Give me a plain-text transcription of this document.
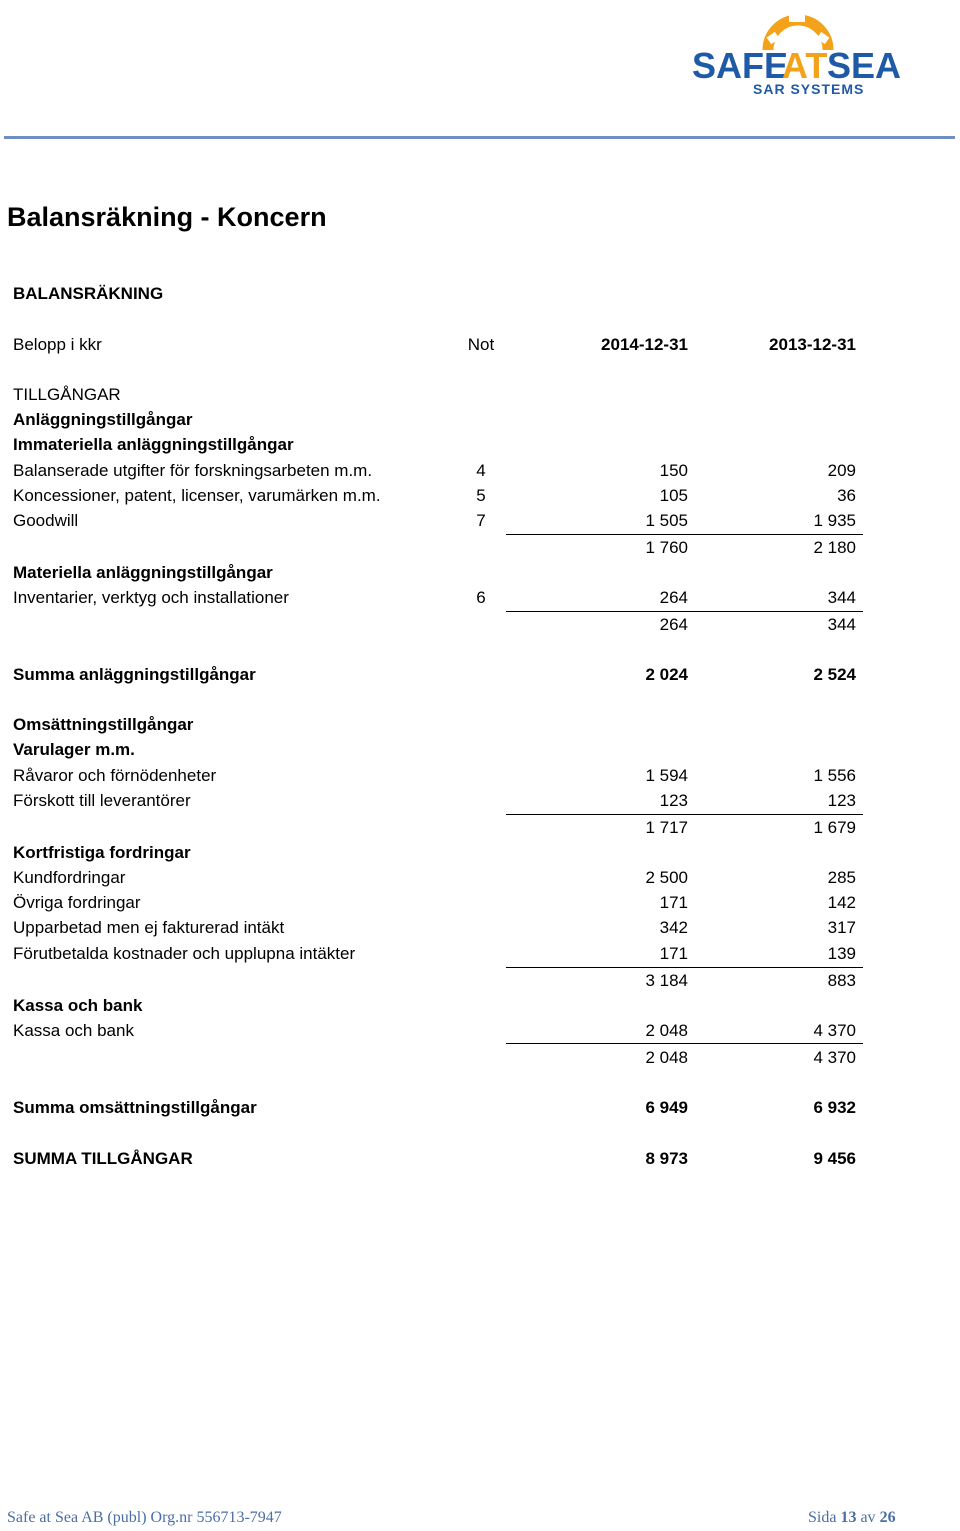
SAFE
AT SEA
SAR SYSTEMS
Balansräkning - Koncern
BALANSRÄKNING
Belopp i kkr	Not	2014-12-31	2013-12-31
TILLGÅNGAR
Anläggningstillgångar
Immateriella anläggningstillgångar
Balanserade utgifter för forskningsarbeten m.m.	4	150	209
Koncessioner, patent, licenser, varumärken m.m.	5	105	36
Goodwill	7	1 505	1 935
1 760	2 180
Materiella anläggningstillgångar
Inventarier, verktyg och installationer	6	264	344
264	344
Summa anläggningstillgångar	2 024	2 524
Omsättningstillgångar
Varulager m.m.
Råvaror och förnödenheter	1 594	1 556
Förskott till leverantörer	123	123
1 717	1 679
Kortfristiga fordringar
Kundfordringar	2 500	285
Övriga fordringar	171	142
Upparbetad men ej fakturerad intäkt	342	317
Förutbetalda kostnader och upplupna intäkter	171	139
3 184	883
Kassa och bank
Kassa och bank	2 048	4 370
2 048	4 370
Summa omsättningstillgångar	6 949	6 932
SUMMA TILLGÅNGAR	8 973	9 456
Safe at Sea AB (publ) Org.nr 556713-7947	Sida 13 av 26
